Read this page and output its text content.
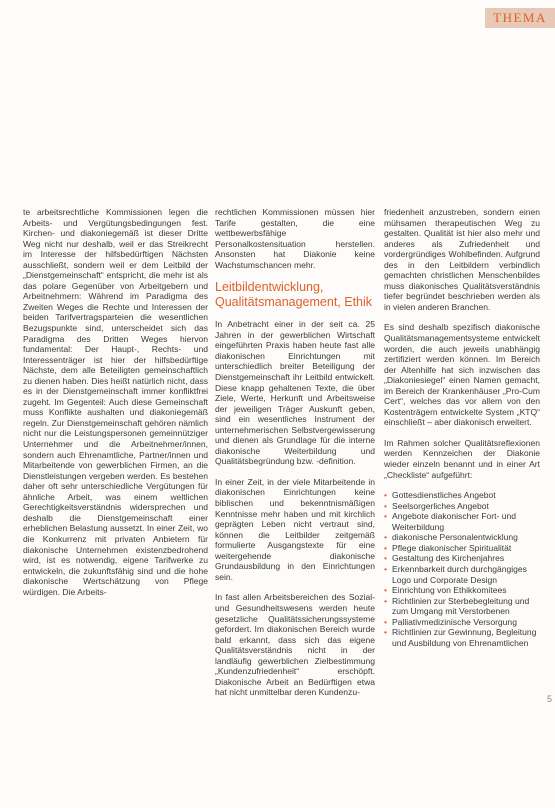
THEMA

te arbeitsrechtliche Kommissionen legen die Arbeits- und Vergütungsbedingungen fest. Kirchen- und diakoniegemäß ist dieser Dritte Weg nicht nur deshalb, weil er das Streikrecht im Interesse der hilfsbedürftigen Nächsten ausschließt, sondern weil er dem Leitbild der „Dienstgemeinschaft“ entspricht, die mehr ist als das polare Gegenüber von Arbeitgebern und Arbeitnehmern: Während im Paradigma des Zweiten Weges die Rechte und Interessen der beiden Tarifvertragsparteien die wesentlichen Bezugspunkte sind, unterscheidet sich das Paradigma des Dritten Weges hiervon fundamental: Der Haupt-, Rechts- und Interessenträger ist hier der hilfsbedürftige Nächste, dem alle Beteiligten gemeinschaftlich zu dienen haben. Dies heißt natürlich nicht, dass es in der Dienstgemeinschaft immer konfliktfrei zugeht. Im Gegenteil: Auch diese Gemeinschaft muss Konflikte aushalten und diakoniegemäß regeln. Zur Dienstgemeinschaft gehören nämlich nicht nur die Leistungspersonen gemeinnütziger Unternehmer und die Arbeitnehmer/innen, sondern auch Ehrenamtliche, Partner/innen und Mitarbeitende von gewerblichen Firmen, an die Dienstleistungen vergeben werden. Es bestehen daher oft sehr unterschiedliche Vergütungen für ähnliche Arbeit, was einem weltlichen Gerechtigkeitsverständnis widersprechen und deshalb die Dienstgemeinschaft einer erheblichen Belastung aussetzt. In einer Zeit, wo die Konkurrenz mit privaten Anbietern für diakonische Unternehmen existenzbedrohend wird, ist es notwendig, eigene Tarifwerke zu entwickeln, die zukunftsfähig sind und die hohe diakonische Wertschätzung von Pflege würdigen. Die Arbeits-

rechtlichen Kommissionen müssen hier Tarife gestalten, die eine wettbewerbsfähige Personalkostensituation herstellen. Ansonsten hat Diakonie keine Wachstumschancen mehr.

Leitbildentwicklung, Qualitätsmanagement, Ethik

In Anbetracht einer in der seit ca. 25 Jahren in der gewerblichen Wirtschaft eingeführten Praxis haben heute fast alle diakonischen Einrichtungen mit unterschiedlich breiter Beteiligung der Dienstgemeinschaft ihr Leitbild entwickelt. Diese knapp gehaltenen Texte, die über Ziele, Werte, Herkunft und Arbeitsweise der jeweiligen Träger Auskunft geben, sind ein wesentliches Instrument der unternehmerischen Selbstvergewisserung und dienen als Grundlage für die interne diakonische Weiterbildung und Qualitätsbegründung bzw. -definition.

In einer Zeit, in der viele Mitarbeitende in diakonischen Einrichtungen keine biblischen und bekenntnismäßigen Kenntnisse mehr haben und mit kirchlich geprägten Leben nicht vertraut sind, können die Leitbilder zeitgemäß formulierte Ausgangstexte für eine weitergehende diakonische Grundausbildung in den Einrichtungen sein.

In fast allen Arbeitsbereichen des Sozial- und Gesundheitswesens werden heute gesetzliche Qualitätssicherungssysteme gefordert. Im diakonischen Bereich wurde bald erkannt, dass sich das eigene Qualitätsverständnis nicht in der landläufig gewerblichen Zielbestimmung „Kundenzufriedenheit“ erschöpft. Diakonische Arbeit an Bedürftigen etwa hat nicht unmittelbar deren Kundenzu-

friedenheit anzustreben, sondern einen mühsamen therapeutischen Weg zu gestalten. Qualität ist hier also mehr und anderes als Zufriedenheit und vordergründiges Wohlbefinden. Aufgrund des in den Leitbildern verbindlich gemachten christlichen Menschenbildes muss diakonisches Qualitätsverständnis tiefer begründet beschrieben werden als in vielen anderen Branchen.

Es sind deshalb spezifisch diakonische Qualitätsmanagementsysteme entwickelt worden, die auch jeweils unabhängig zertifiziert werden können. Im Bereich der Altenhilfe hat sich inzwischen das „Diakoniesiegel“ einen Namen gemacht, im Bereich der Krankenhäuser „Pro-Cum Cert“, welches das vor allem von den Kostenträgern entwickelte System „KTQ“ einschließt – aber diakonisch erweitert.

Im Rahmen solcher Qualitätsreflexionen werden Kennzeichen der Diakonie wieder einzeln benannt und in einer Art „Checkliste“ aufgeführt:

• Gottesdienstliches Angebot
• Seelsorgerliches Angebot
• Angebote diakonischer Fort- und Weiterbildung
• diakonische Personalentwicklung
• Pflege diakonischer Spiritualität
• Gestaltung des Kirchenjahres
• Erkennbarkeit durch durchgängiges Logo und Corporate Design
• Einrichtung von Ethikkomitees
• Richtlinien zur Sterbebegleitung und zum Umgang mit Verstorbenen
• Palliativmedizinische Versorgung
• Richtlinien zur Gewinnung, Begleitung und Ausbildung von Ehrenamtlichen
5
